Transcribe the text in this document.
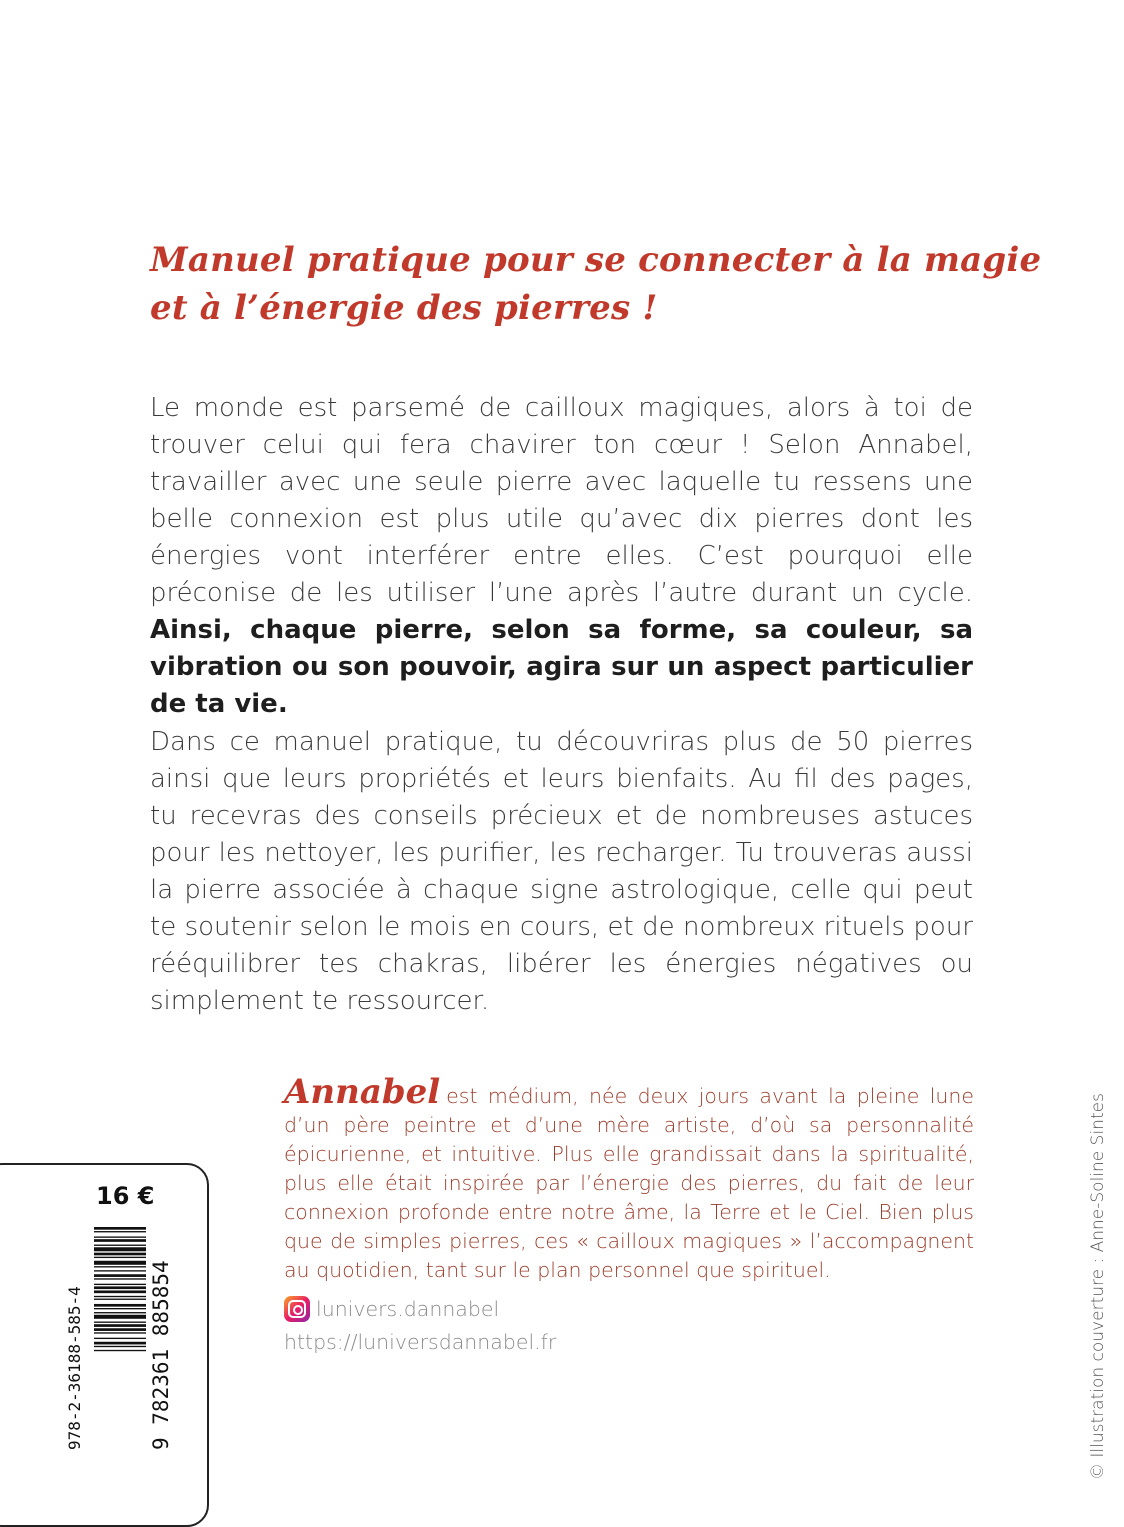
Manuel pratique pour se connecter à la magie
et à l’énergie des pierres !

Le monde est parsemé de cailloux magiques, alors à toi de trouver celui qui fera chavirer ton cœur ! Selon Annabel, travailler avec une seule pierre avec laquelle tu ressens une belle connexion est plus utile qu’avec dix pierres dont les énergies vont interférer entre elles. C’est pourquoi elle préconise de les utiliser l’une après l’autre durant un cycle. Ainsi, chaque pierre, selon sa forme, sa couleur, sa vibration ou son pouvoir, agira sur un aspect particulier de ta vie.

Dans ce manuel pratique, tu découvriras plus de 50 pierres ainsi que leurs propriétés et leurs bienfaits. Au fil des pages, tu recevras des conseils précieux et de nombreuses astuces pour les nettoyer, les purifier, les recharger. Tu trouveras aussi la pierre associée à chaque signe astrologique, celle qui peut te soutenir selon le mois en cours, et de nombreux rituels pour rééquilibrer tes chakras, libérer les énergies négatives ou simplement te ressourcer.

Annabel est médium, née deux jours avant la pleine lune d’un père peintre et d’une mère artiste, d’où sa personnalité épicurienne, et intuitive. Plus elle grandissait dans la spiritualité, plus elle était inspirée par l’énergie des pierres, du fait de leur connexion profonde entre notre âme, la Terre et le Ciel. Bien plus que de simples pierres, ces « cailloux magiques » l’accompagnent au quotidien, tant sur le plan personnel que spirituel.

lunivers.dannabel
https://luniversdannabel.fr
16 €
978-2-36188-585-4	9 782361 885854	© Illustration couverture : Anne-Soline Sintes
